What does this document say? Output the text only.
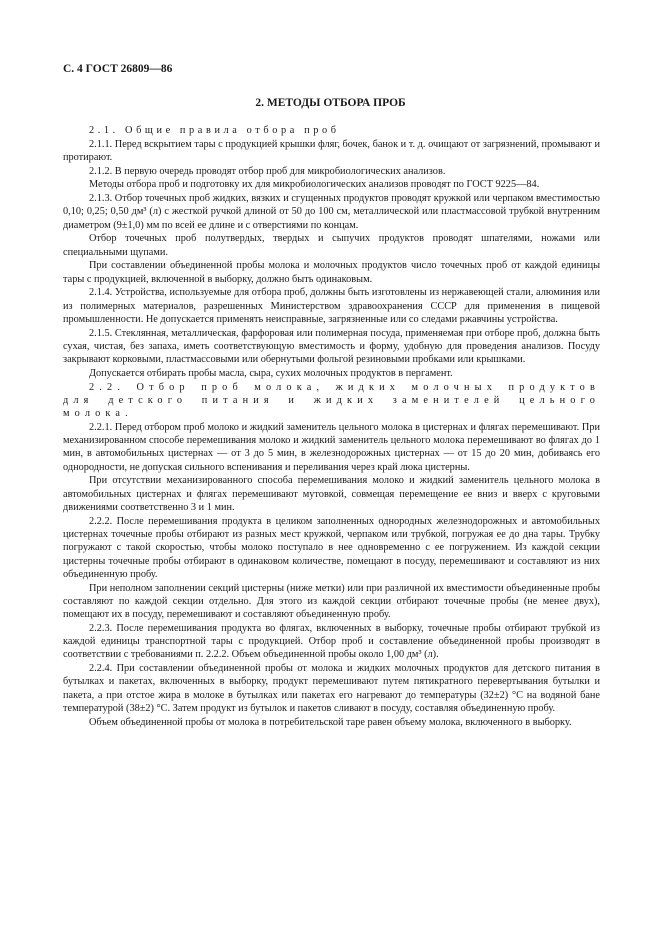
С. 4 ГОСТ 26809—86
2. МЕТОДЫ ОТБОРА ПРОБ

2.1. Общие правила отбора проб

2.1.1. Перед вскрытием тары с продукцией крышки фляг, бочек, банок и т. д. очищают от загрязнений, промывают и протирают.

2.1.2. В первую очередь проводят отбор проб для микробиологических анализов.

Методы отбора проб и подготовку их для микробиологических анализов проводят по ГОСТ 9225—84.

2.1.3. Отбор точечных проб жидких, вязких и сгущенных продуктов проводят кружкой или черпаком вместимостью 0,10; 0,25; 0,50 дм³ (л) с жесткой ручкой длиной от 50 до 100 см, металлической или пластмассовой трубкой внутренним диаметром (9±1,0) мм по всей ее длине и с отверстиями по концам.

Отбор точечных проб полутвердых, твердых и сыпучих продуктов проводят шпателями, ножами или специальными щупами.

При составлении объединенной пробы молока и молочных продуктов число точечных проб от каждой единицы тары с продукцией, включенной в выборку, должно быть одинаковым.

2.1.4. Устройства, используемые для отбора проб, должны быть изготовлены из нержавеющей стали, алюминия или из полимерных материалов, разрешенных Министерством здравоохранения СССР для применения в пищевой промышленности. Не допускается применять неисправные, загрязненные или со следами ржавчины устройства.

2.1.5. Стеклянная, металлическая, фарфоровая или полимерная посуда, применяемая при отборе проб, должна быть сухая, чистая, без запаха, иметь соответствующую вместимость и форму, удобную для проведения анализов. Посуду закрывают корковыми, пластмассовыми или обернутыми фольгой резиновыми пробками или крышками.

Допускается отбирать пробы масла, сыра, сухих молочных продуктов в пергамент.

2.2. Отбор проб молока, жидких молочных продуктов для детского питания и жидких заменителей цельного молока.

2.2.1. Перед отбором проб молоко и жидкий заменитель цельного молока в цистернах и флягах перемешивают. При механизированном способе перемешивания молоко и жидкий заменитель цельного молока перемешивают во флягах до 1 мин, в автомобильных цистернах — от 3 до 5 мин, в железнодорожных цистернах — от 15 до 20 мин, добиваясь его однородности, не допуская сильного вспенивания и переливания через край люка цистерны.

При отсутствии механизированного способа перемешивания молоко и жидкий заменитель цельного молока в автомобильных цистернах и флягах перемешивают мутовкой, совмещая перемещение ее вниз и вверх с круговыми движениями соответственно 3 и 1 мин.

2.2.2. После перемешивания продукта в целиком заполненных однородных железнодорожных и автомобильных цистернах точечные пробы отбирают из разных мест кружкой, черпаком или трубкой, погружая ее до дна тары. Трубку погружают с такой скоростью, чтобы молоко поступало в нее одновременно с ее погружением. Из каждой секции цистерны точечные пробы отбирают в одинаковом количестве, помещают в посуду, перемешивают и составляют из них объединенную пробу.

При неполном заполнении секций цистерны (ниже метки) или при различной их вместимости объединенные пробы составляют по каждой секции отдельно. Для этого из каждой секции отбирают точечные пробы (не менее двух), помещают их в посуду, перемешивают и составляют объединенную пробу.

2.2.3. После перемешивания продукта во флягах, включенных в выборку, точечные пробы отбирают трубкой из каждой единицы транспортной тары с продукцией. Отбор проб и составление объединенной пробы производят в соответствии с требованиями п. 2.2.2. Объем объединенной пробы около 1,00 дм³ (л).

2.2.4. При составлении объединенной пробы от молока и жидких молочных продуктов для детского питания в бутылках и пакетах, включенных в выборку, продукт перемешивают путем пятикратного перевертывания бутылки и пакета, а при отстое жира в молоке в бутылках или пакетах его нагревают до температуры (32±2) °С на водяной бане температурой (38±2) °С. Затем продукт из бутылок и пакетов сливают в посуду, составляя объединенную пробу.

Объем объединенной пробы от молока в потребительской таре равен объему молока, включенного в выборку.
